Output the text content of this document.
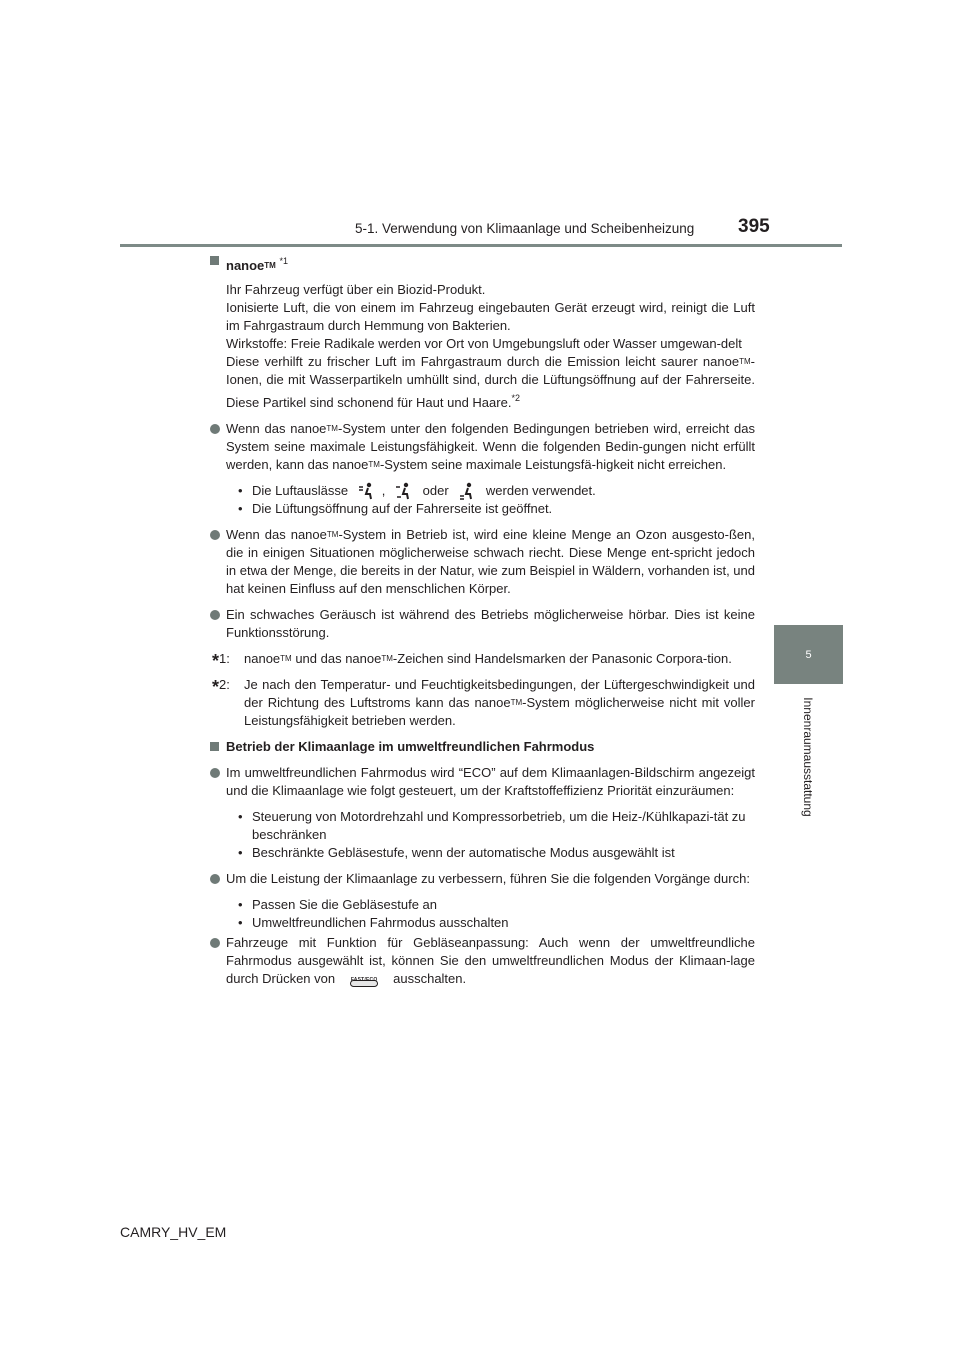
5-1. Verwendung von Klimaanlage und Scheibenheizung 395
5
Innenraumausstattung
nanoeTM $^{*1}$

Ihr Fahrzeug verfügt über ein Biozid-Produkt.

Ionisierte Luft, die von einem im Fahrzeug eingebauten Gerät erzeugt wird, reinigt die Luft im Fahrgastraum durch Hemmung von Bakterien.

Wirkstoffe: Freie Radikale werden vor Ort von Umgebungsluft oder Wasser umgewan-delt

Diese verhilft zu frischer Luft im Fahrgastraum durch die Emission leicht saurer nanoeTM-Ionen, die mit Wasserpartikeln umhüllt sind, durch die Lüftungsöffnung auf der Fahrerseite. Diese Partikel sind schonend für Haut und Haare.$^{*2}$

Wenn das nanoeTM-System unter den folgenden Bedingungen betrieben wird, erreicht das System seine maximale Leistungsfähigkeit. Wenn die folgenden Bedin-gungen nicht erfüllt werden, kann das nanoeTM-System seine maximale Leistungsfä-higkeit nicht erreichen.

• Die Luftauslässe	,	oder	werden verwendet.
• Die Lüftungsöffnung auf der Fahrerseite ist geöffnet.

Wenn das nanoeTM-System in Betrieb ist, wird eine kleine Menge an Ozon ausgesto-ßen, die in einigen Situationen möglicherweise schwach riecht. Diese Menge ent-spricht jedoch in etwa der Menge, die bereits in der Natur, wie zum Beispiel in Wäldern, vorhanden ist, und hat keinen Einfluss auf den menschlichen Körper.

Ein schwaches Geräusch ist während des Betriebs möglicherweise hörbar. Dies ist keine Funktionsstörung.

*1: nanoeTM und das nanoeTM-Zeichen sind Handelsmarken der Panasonic Corpora-tion.
*2: Je nach den Temperatur- und Feuchtigkeitsbedingungen, der Lüftergeschwindigkeit und der Richtung des Luftstroms kann das nanoeTM-System möglicherweise nicht mit voller Leistungsfähigkeit betrieben werden.
Betrieb der Klimaanlage im umweltfreundlichen Fahrmodus

Im umweltfreundlichen Fahrmodus wird “ECO” auf dem Klimaanlagen-Bildschirm angezeigt und die Klimaanlage wie folgt gesteuert, um der Kraftstoffeffizienz Priorität einzuräumen:

• Steuerung von Motordrehzahl und Kompressorbetrieb, um die Heiz-/Kühlkapazi-tät zu beschränken
• Beschränkte Gebläsestufe, wenn der automatische Modus ausgewählt ist

Um die Leistung der Klimaanlage zu verbessern, führen Sie die folgenden Vorgänge durch:

• Passen Sie die Gebläsestufe an
• Umweltfreundlichen Fahrmodus ausschalten

Fahrzeuge mit Funktion für Gebläseanpassung: Auch wenn der umweltfreundliche Fahrmodus ausgewählt ist, können Sie den umweltfreundlichen Modus der Klimaan-lage durch Drücken von	ausschalten.

CAMRY_HV_EM
